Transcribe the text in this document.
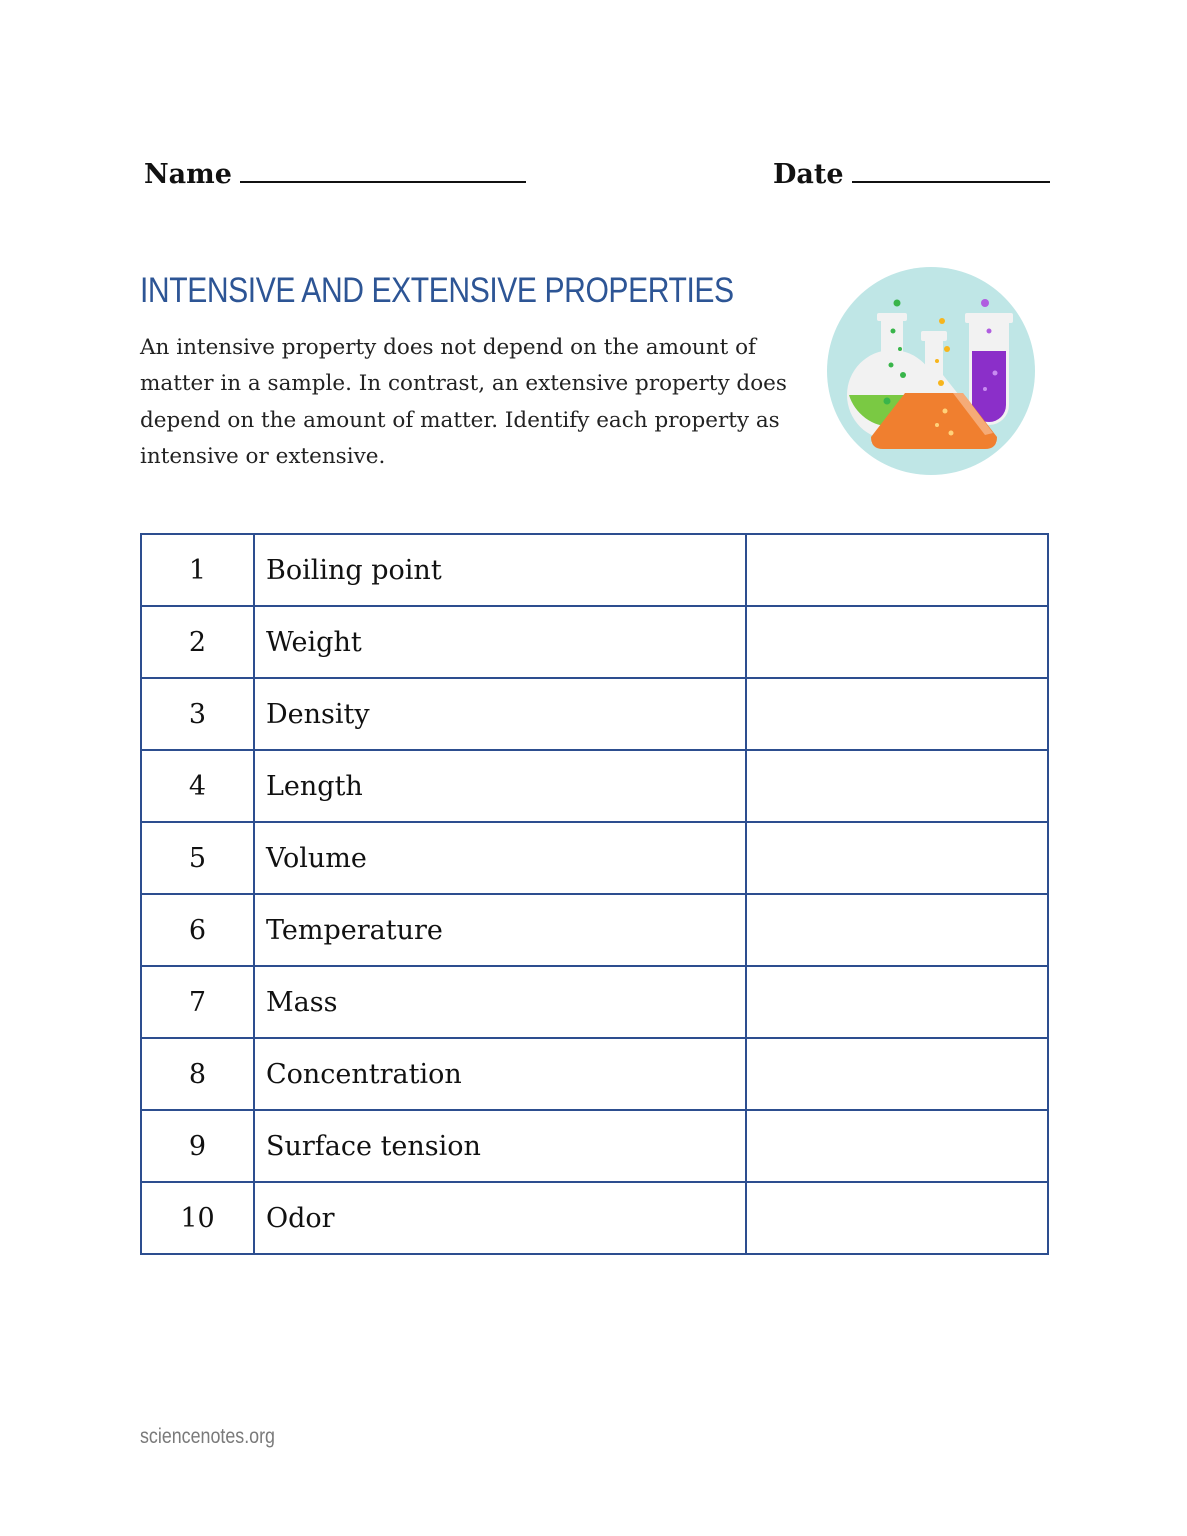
Name	Date
INTENSIVE AND EXTENSIVE PROPERTIES
An intensive property does not depend on the amount of matter in a sample. In contrast, an extensive property does depend on the amount of matter. Identify each property as intensive or extensive.
1	Boiling point	
2	Weight	
3	Density	
4	Length	
5	Volume	
6	Temperature	
7	Mass	
8	Concentration	
9	Surface tension	
10	Odor	
sciencenotes.org
